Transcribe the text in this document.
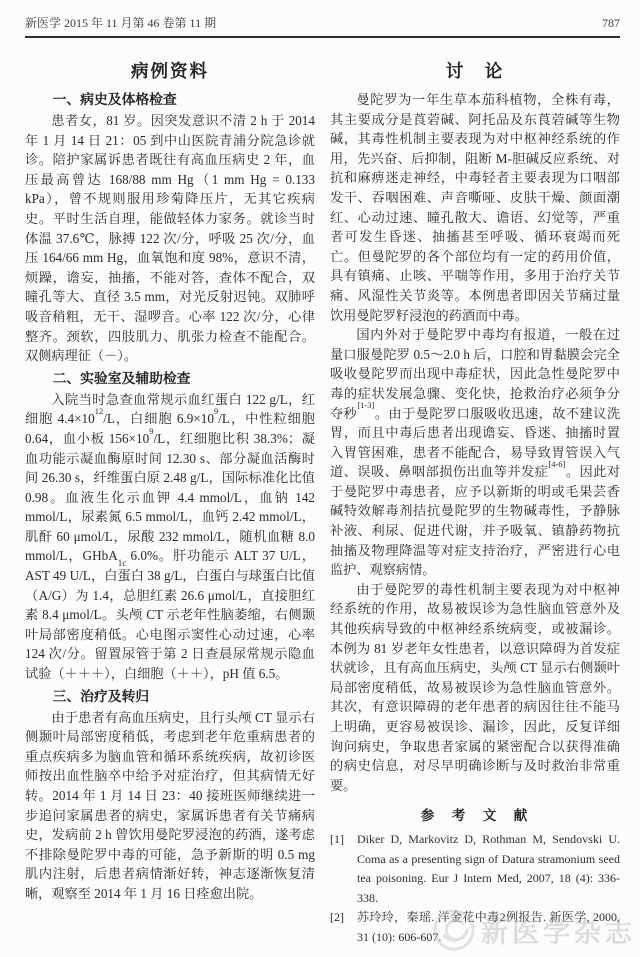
新医学 2015 年 11 月第 46 卷第 11 期	787
病例资料
一、病史及体格检查

患者女，81 岁。因突发意识不清 2 h 于 2014 年 1 月 14 日 21：05 到中山医院青浦分院急诊就诊。陪护家属诉患者既往有高血压病史 2 年，血压最高曾达 168/88 mm Hg（1 mm Hg = 0.133 kPa），曾不规则服用珍菊降压片，无其它疾病史。平时生活自理，能做轻体力家务。就诊当时体温 37.6℃，脉搏 122 次/分，呼吸 25 次/分，血压 164/66 mm Hg，血氧饱和度 98%，意识不清，烦躁，谵妄，抽搐，不能对答，查体不配合，双瞳孔等大、直径 3.5 mm，对光反射迟钝。双肺呼吸音稍粗，无干、湿啰音。心率 122 次/分，心律整齐。颈软，四肢肌力、肌张力检查不能配合。双侧病理征（－）。

二、实验室及辅助检查

入院当时急查血常规示血红蛋白 122 g/L，红细胞 $4.4\times 10^{12}/L$，白细胞 $6.9\times 10^9/L$，中性粒细胞 0.64，血小板 $156\times 10^9/L$，红细胞比积 38.3%；凝血功能示凝血酶原时间 12.30 s、部分凝血活酶时间 26.30 s，纤维蛋白原 2.48 g/L，国际标准化比值 0.98。血液生化示血钾 4.4 mmol/L，血钠 142 mmol/L，尿素氮 6.5 mmol/L，血钙 2.42 mmol/L，肌酐 60 μmol/L，尿酸 232 mmol/L，随机血糖 8.0 mmol/L，GHbA$_{1c}$ 6.0%。肝功能示 ALT 37 U/L，AST 49 U/L，白蛋白 38 g/L，白蛋白与球蛋白比值（A/G）为 1.4，总胆红素 26.6 μmol/L，直接胆红素 8.4 μmol/L。头颅 CT 示老年性脑萎缩，右侧颞叶局部密度稍低。心电图示窦性心动过速，心率 124 次/分。留置尿管于第 2 日查晨尿常规示隐血试验（＋＋＋），白细胞（＋＋），pH 值 6.5。

三、治疗及转归

由于患者有高血压病史，且行头颅 CT 显示右侧颞叶局部密度稍低，考虑到老年危重病患者的重点疾病多为脑血管和循环系统疾病，故初诊医师按出血性脑卒中给予对症治疗，但其病情无好转。2014 年 1 月 14 日 23：40 接班医师继续进一步追问家属患者的病史，家属诉患者有关节痛病史，发病前 2 h 曾饮用曼陀罗浸泡的药酒，遂考虑不排除曼陀罗中毒的可能，急予新斯的明 0.5 mg 肌内注射，后患者病情渐好转，神志逐渐恢复清晰，观察至 2014 年 1 月 16 日痊愈出院。

讨　论

曼陀罗为一年生草本茄科植物，全株有毒，其主要成分是莨菪碱、阿托品及东莨菪碱等生物碱，其毒性机制主要表现为对中枢神经系统的作用，先兴奋、后抑制，阻断 M-胆碱反应系统、对抗和麻痹迷走神经，中毒轻者主要表现为口咽部发干、吞咽困难、声音嘶哑、皮肤干燥、颜面潮红、心动过速、瞳孔散大、谵语、幻觉等，严重者可发生昏迷、抽搐甚至呼吸、循环衰竭而死亡。但曼陀罗的各个部位均有一定的药用价值，具有镇痛、止咳、平喘等作用，多用于治疗关节痛、风湿性关节炎等。本例患者即因关节痛过量饮用曼陀罗籽浸泡的药酒而中毒。

国内外对于曼陀罗中毒均有报道，一般在过量口服曼陀罗 0.5～2.0 h 后，口腔和胃黏膜会完全吸收曼陀罗而出现中毒症状，因此急性曼陀罗中毒的症状发展急骤、变化快，抢救治疗必须争分夺秒[1-3]。由于曼陀罗口服吸收迅速，故不建议洗胃，而且中毒后患者出现谵妄、昏迷、抽搐时置入胃管困难，患者不能配合，易导致胃管误入气道、误吸、鼻咽部损伤出血等并发症[4-6]。因此对于曼陀罗中毒患者，应予以新斯的明或毛果芸香碱特效解毒剂拮抗曼陀罗的生物碱毒性，予静脉补液、利尿、促进代谢，并予吸氧、镇静药物抗抽搐及物理降温等对症支持治疗，严密进行心电监护、观察病情。

由于曼陀罗的毒性机制主要表现为对中枢神经系统的作用，故易被误诊为急性脑血管意外及其他疾病导致的中枢神经系统病变，或被漏诊。本例为 81 岁老年女性患者，以意识障碍为首发症状就诊，且有高血压病史，头颅 CT 显示右侧颞叶局部密度稍低，故易被误诊为急性脑血管意外。其次，有意识障碍的老年患者的病因往往不能马上明确，更容易被误诊、漏诊，因此，反复详细询问病史，争取患者家属的紧密配合以获得准确的病史信息，对尽早明确诊断与及时救治非常重要。

参　考　文　献
[1]	Diker D, Markovitz D, Rothman M, Sendovski U. Coma as a presenting sign of Datura stramonium seed tea poisoning. Eur J Intern Med, 2007, 18 (4): 336-338.
[2]	苏玲玲，秦瑶. 洋金花中毒2例报告. 新医学, 2000, 31 (10): 606-607.	新医学杂志
